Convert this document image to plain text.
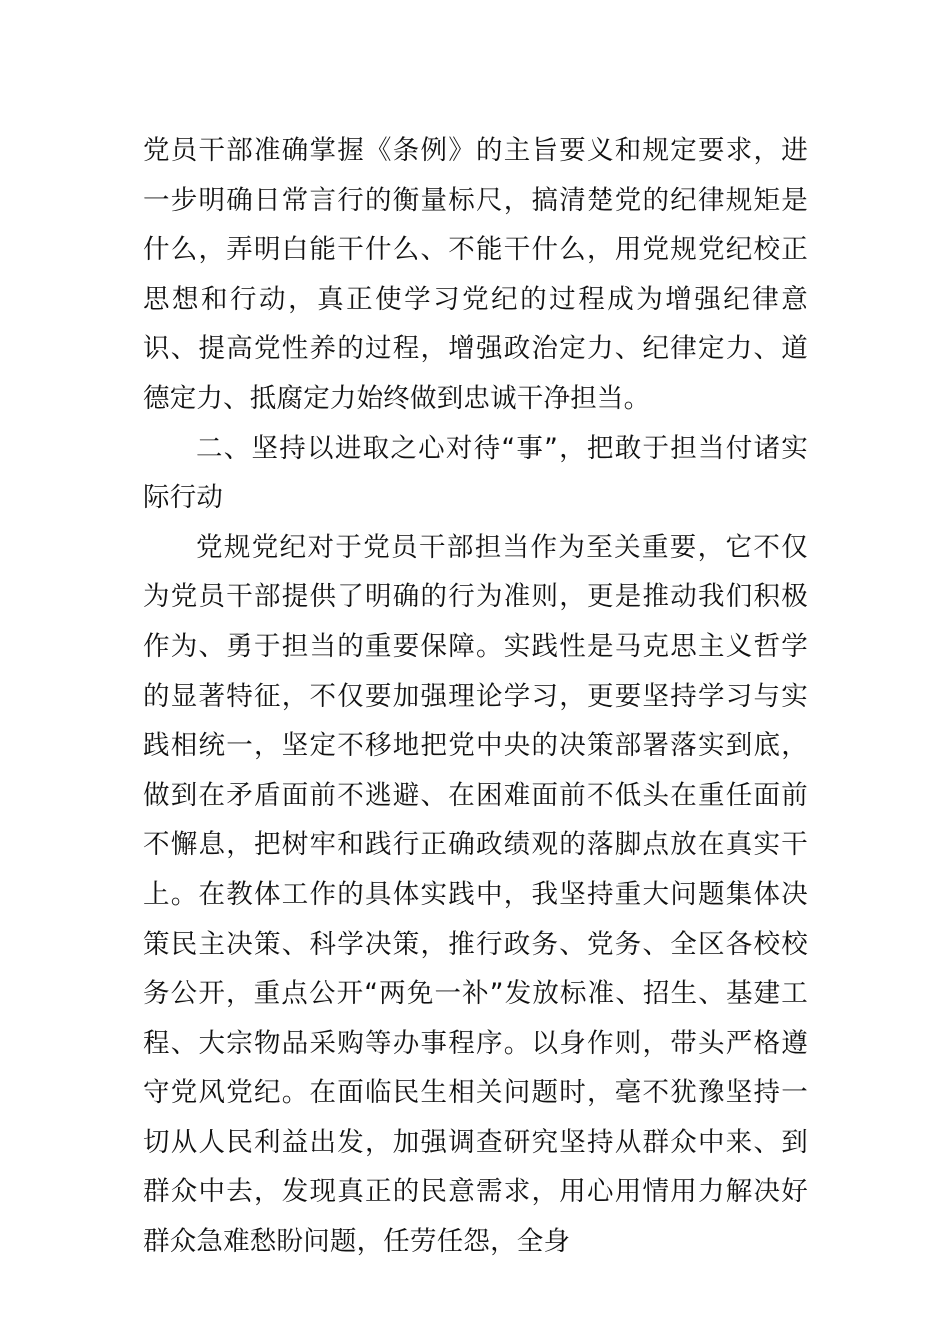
党员干部准确掌握《条例》的主旨要义和规定要求，进一步明确日常言行的衡量标尺，搞清楚党的纪律规矩是什么，弄明白能干什么、不能干什么，用党规党纪校正思想和行动，真正使学习党纪的过程成为增强纪律意识、提高党性养的过程，增强政治定力、纪律定力、道德定力、抵腐定力始终做到忠诚干净担当。

二、坚持以进取之心对待“事”，把敢于担当付诸实际行动

党规党纪对于党员干部担当作为至关重要，它不仅为党员干部提供了明确的行为准则，更是推动我们积极作为、勇于担当的重要保障。实践性是马克思主义哲学的显著特征，不仅要加强理论学习，更要坚持学习与实践相统一，坚定不移地把党中央的决策部署落实到底，做到在矛盾面前不逃避、在困难面前不低头在重任面前不懈息，把树牢和践行正确政绩观的落脚点放在真实干上。在教体工作的具体实践中，我坚持重大问题集体决策民主决策、科学决策，推行政务、党务、全区各校校务公开，重点公开“两免一补”发放标准、招生、基建工程、大宗物品采购等办事程序。以身作则，带头严格遵守党风党纪。在面临民生相关问题时，毫不犹豫坚持一切从人民利益出发，加强调查研究坚持从群众中来、到群众中去，发现真正的民意需求，用心用情用力解决好群众急难愁盼问题，任劳任怨，全身
